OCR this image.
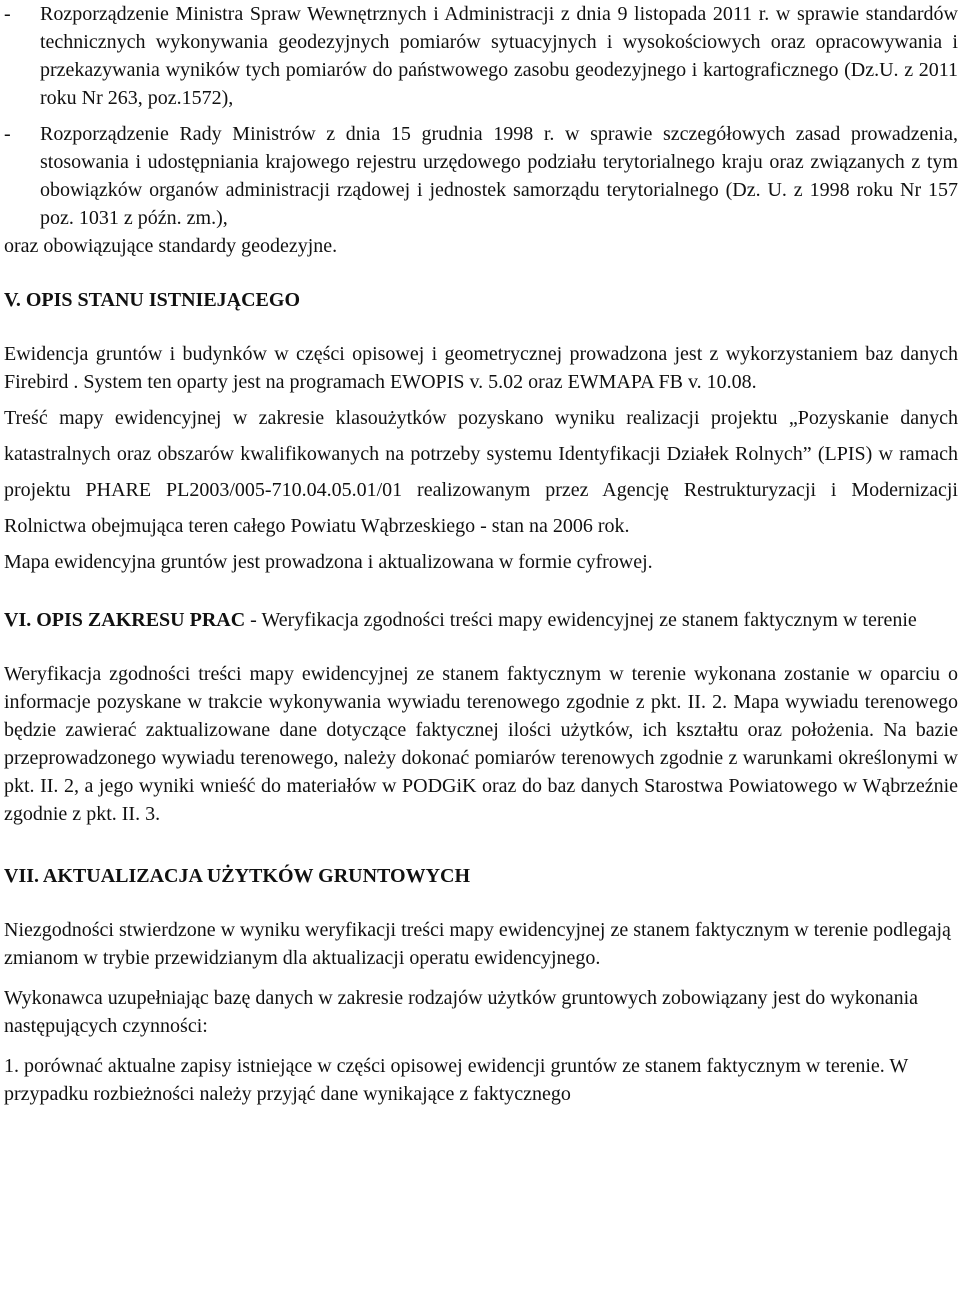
-	Rozporządzenie Ministra Spraw Wewnętrznych i Administracji z dnia 9 listopada 2011 r. w sprawie standardów technicznych wykonywania geodezyjnych pomiarów sytuacyjnych i wysokościowych oraz opracowywania i przekazywania wyników tych pomiarów do państwowego zasobu geodezyjnego i kartograficznego (Dz.U. z 2011 roku Nr 263, poz.1572),

-	Rozporządzenie Rady Ministrów z dnia 15 grudnia 1998 r. w sprawie szczegółowych zasad prowadzenia, stosowania i udostępniania krajowego rejestru urzędowego podziału terytorialnego kraju oraz związanych z tym obowiązków organów administracji rządowej i jednostek samorządu terytorialnego (Dz. U. z 1998 roku Nr 157 poz. 1031 z późn. zm.),

oraz obowiązujące standardy geodezyjne.

V. OPIS STANU ISTNIEJĄCEGO

Ewidencja gruntów i budynków w części opisowej i geometrycznej prowadzona jest z wykorzystaniem baz danych Firebird . System ten oparty jest na programach EWOPIS v. 5.02 oraz EWMAPA FB v. 10.08.

Treść mapy ewidencyjnej w zakresie klasoużytków pozyskano wyniku realizacji projektu „Pozyskanie danych katastralnych oraz obszarów kwalifikowanych na potrzeby systemu Identyfikacji Działek Rolnych” (LPIS) w ramach projektu PHARE PL2003/005-710.04.05.01/01 realizowanym przez Agencję Restrukturyzacji i Modernizacji Rolnictwa obejmująca teren całego Powiatu Wąbrzeskiego - stan na 2006 rok.

Mapa ewidencyjna gruntów jest prowadzona i aktualizowana w formie cyfrowej.

VI. OPIS ZAKRESU PRAC - Weryfikacja zgodności treści mapy ewidencyjnej ze stanem faktycznym w terenie

Weryfikacja zgodności treści mapy ewidencyjnej ze stanem faktycznym w terenie wykonana zostanie w oparciu o informacje pozyskane w trakcie wykonywania wywiadu terenowego zgodnie z pkt. II. 2. Mapa wywiadu terenowego będzie zawierać zaktualizowane dane dotyczące faktycznej ilości użytków, ich kształtu oraz położenia. Na bazie przeprowadzonego wywiadu terenowego, należy dokonać pomiarów terenowych zgodnie z warunkami określonymi w pkt. II. 2, a jego wyniki wnieść do materiałów w PODGiK oraz do baz danych Starostwa Powiatowego w Wąbrzeźnie zgodnie z pkt. II. 3.

VII. AKTUALIZACJA UŻYTKÓW GRUNTOWYCH

Niezgodności stwierdzone w wyniku weryfikacji treści mapy ewidencyjnej ze stanem faktycznym w terenie podlegają zmianom w trybie przewidzianym dla aktualizacji operatu ewidencyjnego.

Wykonawca uzupełniając bazę danych w zakresie rodzajów użytków gruntowych zobowiązany jest do wykonania następujących czynności:

1. porównać aktualne zapisy istniejące w części opisowej ewidencji gruntów ze stanem faktycznym w terenie. W przypadku rozbieżności należy przyjąć dane wynikające z faktycznego
